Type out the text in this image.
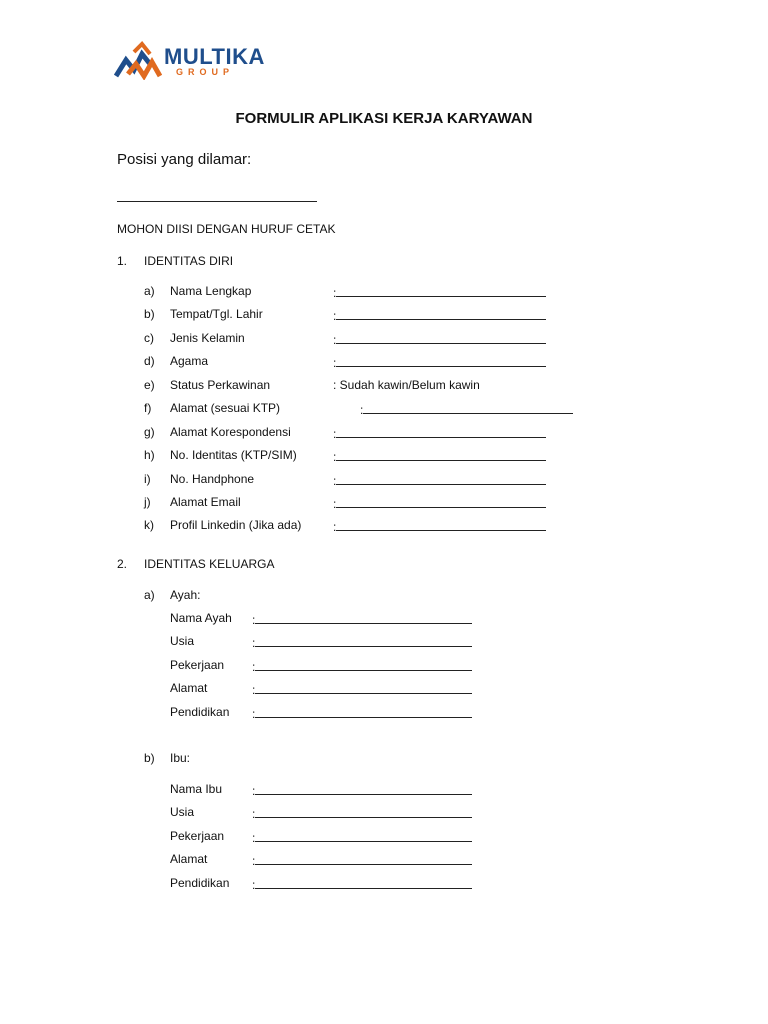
MULTIKA
GROUP
FORMULIR APLIKASI KERJA KARYAWAN
Posisi yang dilamar:
MOHON DIISI DENGAN HURUF CETAK
1. IDENTITAS DIRI
a) Nama Lengkap	:
b) Tempat/Tgl. Lahir	:
c) Jenis Kelamin	:
d) Agama	:
e) Status Perkawinan	: Sudah kawin/Belum kawin
f) Alamat (sesuai KTP)	:
g) Alamat Korespondensi	:
h) No. Identitas (KTP/SIM)	:
i) No. Handphone	:
j) Alamat Email	:
k) Profil Linkedin (Jika ada)	:
2. IDENTITAS KELUARGA
a) Ayah:
Nama Ayah :
Usia	:
Pekerjaan :
Alamat	:
Pendidikan :
b) Ibu:
Nama Ibu :
Usia	:
Pekerjaan :
Alamat	:
Pendidikan :
